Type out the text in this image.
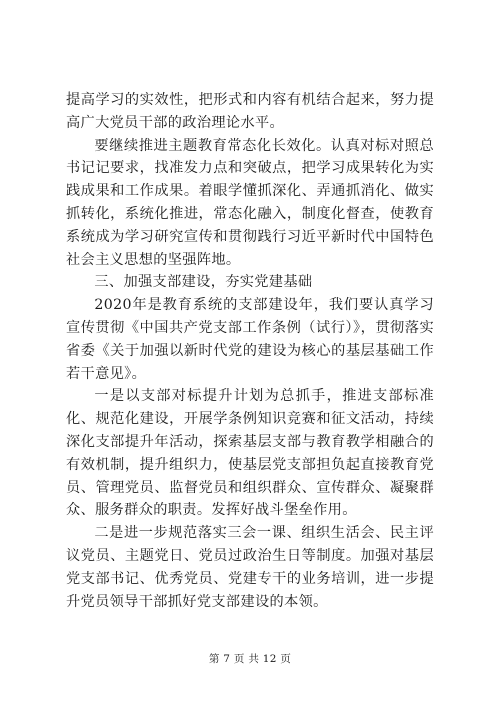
提高学习的实效性，把形式和内容有机结合起来，努力提高广大党员干部的政治理论水平。

要继续推进主题教育常态化长效化。认真对标对照总书记记要求，找准发力点和突破点，把学习成果转化为实践成果和工作成果。着眼学懂抓深化、弄通抓消化、做实抓转化，系统化推进，常态化融入，制度化督查，使教育系统成为学习研究宣传和贯彻践行习近平新时代中国特色社会主义思想的坚强阵地。

三、加强支部建设，夯实党建基础

2020年是教育系统的支部建设年，我们要认真学习宣传贯彻《中国共产党支部工作条例（试行）》，贯彻落实省委《关于加强以新时代党的建设为核心的基层基础工作若干意见》。

一是以支部对标提升计划为总抓手，推进支部标准化、规范化建设，开展学条例知识竞赛和征文活动，持续深化支部提升年活动，探索基层支部与教育教学相融合的有效机制，提升组织力，使基层党支部担负起直接教育党员、管理党员、监督党员和组织群众、宣传群众、凝聚群众、服务群众的职责。发挥好战斗堡垒作用。

二是进一步规范落实三会一课、组织生活会、民主评议党员、主题党日、党员过政治生日等制度。加强对基层党支部书记、优秀党员、党建专干的业务培训，进一步提升党员领导干部抓好党支部建设的本领。

第 7 页 共 12 页
